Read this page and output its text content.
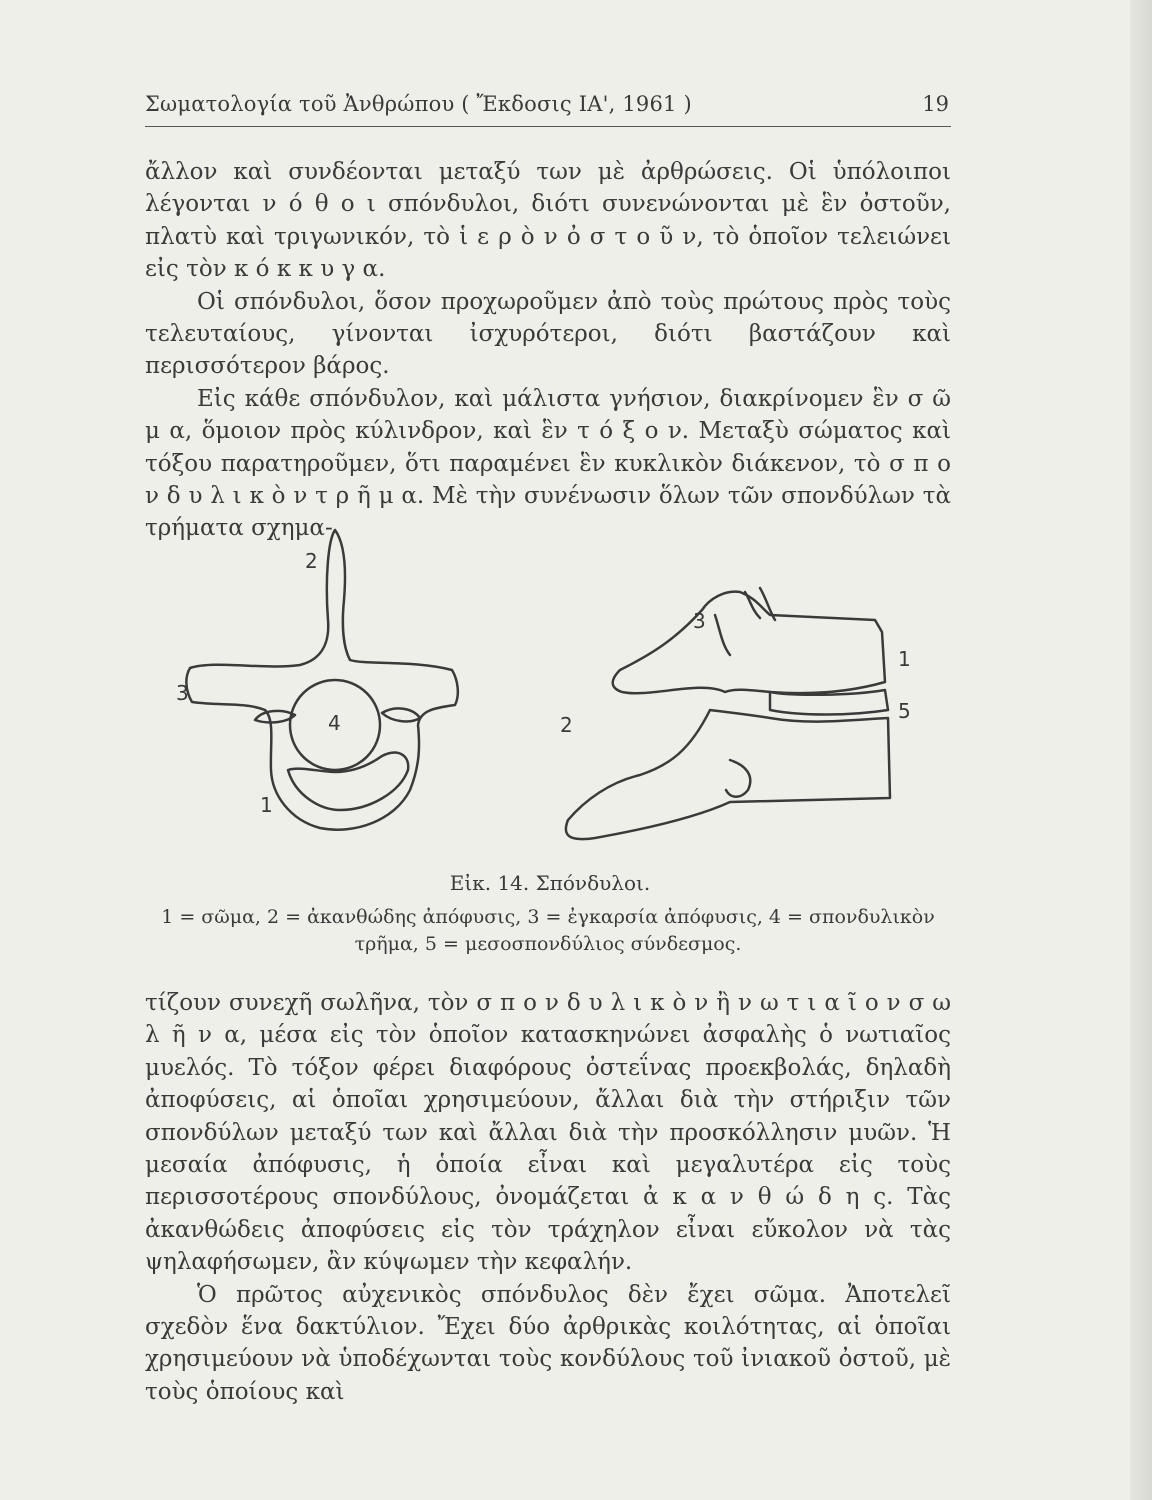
Σωματολογία τοῦ Ἀνθρώπου ( Ἔκδοσις ΙΑ', 1961 )	19

ἄλλον καὶ συνδέονται μεταξύ των μὲ ἀρθρώσεις. Οἱ ὑπόλοιποι λέγονται ν ό θ ο ι σπόνδυλοι, διότι συνενώνονται μὲ ἓν ὀστοῦν, πλατὺ καὶ τριγωνικόν, τὸ ἱ ε ρ ὸ ν ὀ σ τ ο ῦ ν, τὸ ὁποῖον τελειώνει εἰς τὸν κ ό κ κ υ γ α.

Οἱ σπόνδυλοι, ὅσον προχωροῦμεν ἀπὸ τοὺς πρώτους πρὸς τοὺς τελευταίους, γίνονται ἰσχυρότεροι, διότι βαστάζουν καὶ περισσότερον βάρος.

Εἰς κάθε σπόνδυλον, καὶ μάλιστα γνήσιον, διακρίνομεν ἓν σ ῶ μ α, ὅμοιον πρὸς κύλινδρον, καὶ ἓν τ ό ξ ο ν. Μεταξὺ σώματος καὶ τόξου παρατηροῦμεν, ὅτι παραμένει ἓν κυκλικὸν διάκενον, τὸ σ π ο ν δ υ λ ι κ ὸ ν τ ρ ῆ μ α. Μὲ τὴν συνένωσιν ὅλων τῶν σπονδύλων τὰ τρήματα σχημα-

2
3
4
1
3
1
2
5
Εἰκ. 14. Σπόνδυλοι.
1 = σῶμα, 2 = ἀκανθώδης ἀπόφυσις, 3 = ἐγκαρσία ἀπόφυσις, 4 = σπονδυλικὸν τρῆμα, 5 = μεσοσπονδύλιος σύνδεσμος.

τίζουν συνεχῆ σωλῆνα, τὸν σ π ο ν δ υ λ ι κ ὸ ν ἢ ν ω τ ι α ῖ ο ν σ ω λ ῆ ν α, μέσα εἰς τὸν ὁποῖον κατασκηνώνει ἀσφαλὴς ὁ νωτιαῖος μυελός. Τὸ τόξον φέρει διαφόρους ὀστεΐνας προεκβολάς, δηλαδὴ ἀποφύσεις, αἱ ὁποῖαι χρησιμεύουν, ἄλλαι διὰ τὴν στήριξιν τῶν σπονδύλων μεταξύ των καὶ ἄλλαι διὰ τὴν προσκόλλησιν μυῶν. Ἡ μεσαία ἀπόφυσις, ἡ ὁποία εἶναι καὶ μεγαλυτέρα εἰς τοὺς περισσοτέρους σπονδύλους, ὀνομάζεται ἀ κ α ν θ ώ δ η ς. Τὰς ἀκανθώδεις ἀποφύσεις εἰς τὸν τράχηλον εἶναι εὔκολον νὰ τὰς ψηλαφήσωμεν, ἂν κύψωμεν τὴν κεφαλήν.

Ὁ πρῶτος αὐχενικὸς σπόνδυλος δὲν ἔχει σῶμα. Ἀποτελεῖ σχεδὸν ἕνα δακτύλιον. Ἔχει δύο ἀρθρικὰς κοιλότητας, αἱ ὁποῖαι χρησιμεύουν νὰ ὑποδέχωνται τοὺς κονδύλους τοῦ ἰνιακοῦ ὀστοῦ, μὲ τοὺς ὁποίους καὶ
